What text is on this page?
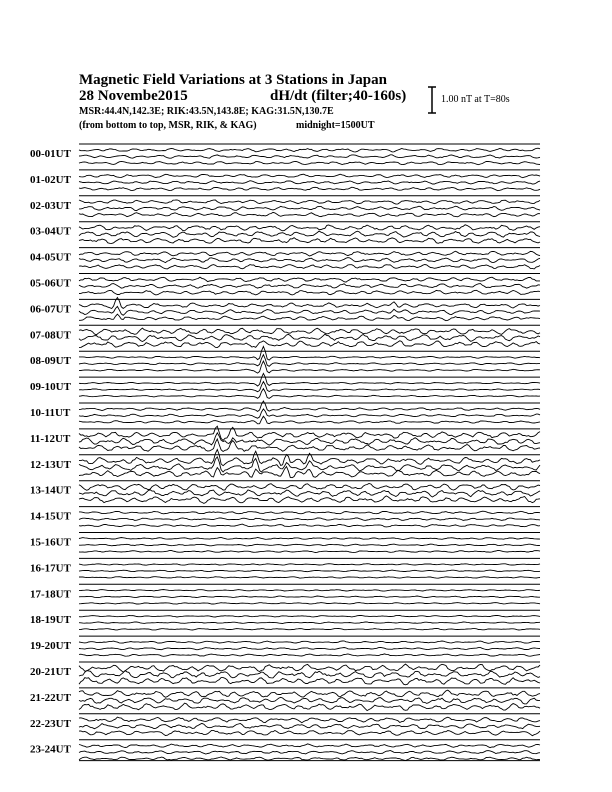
Magnetic Field Variations at 3 Stations in Japan
28 Novembe2015	dH/dt (filter;40-160s)
MSR:44.4N,142.3E; RIK:43.5N,143.8E; KAG:31.5N,130.7E
(from bottom to top, MSR, RIK, & KAG)	midnight=1500UT
1.00 nT at T=80s
00-01UT
01-02UT
02-03UT
03-04UT
04-05UT
05-06UT
06-07UT
07-08UT
08-09UT
09-10UT
10-11UT
11-12UT
12-13UT
13-14UT
14-15UT
15-16UT
16-17UT
17-18UT
18-19UT
19-20UT
20-21UT
21-22UT
22-23UT
23-24UT
